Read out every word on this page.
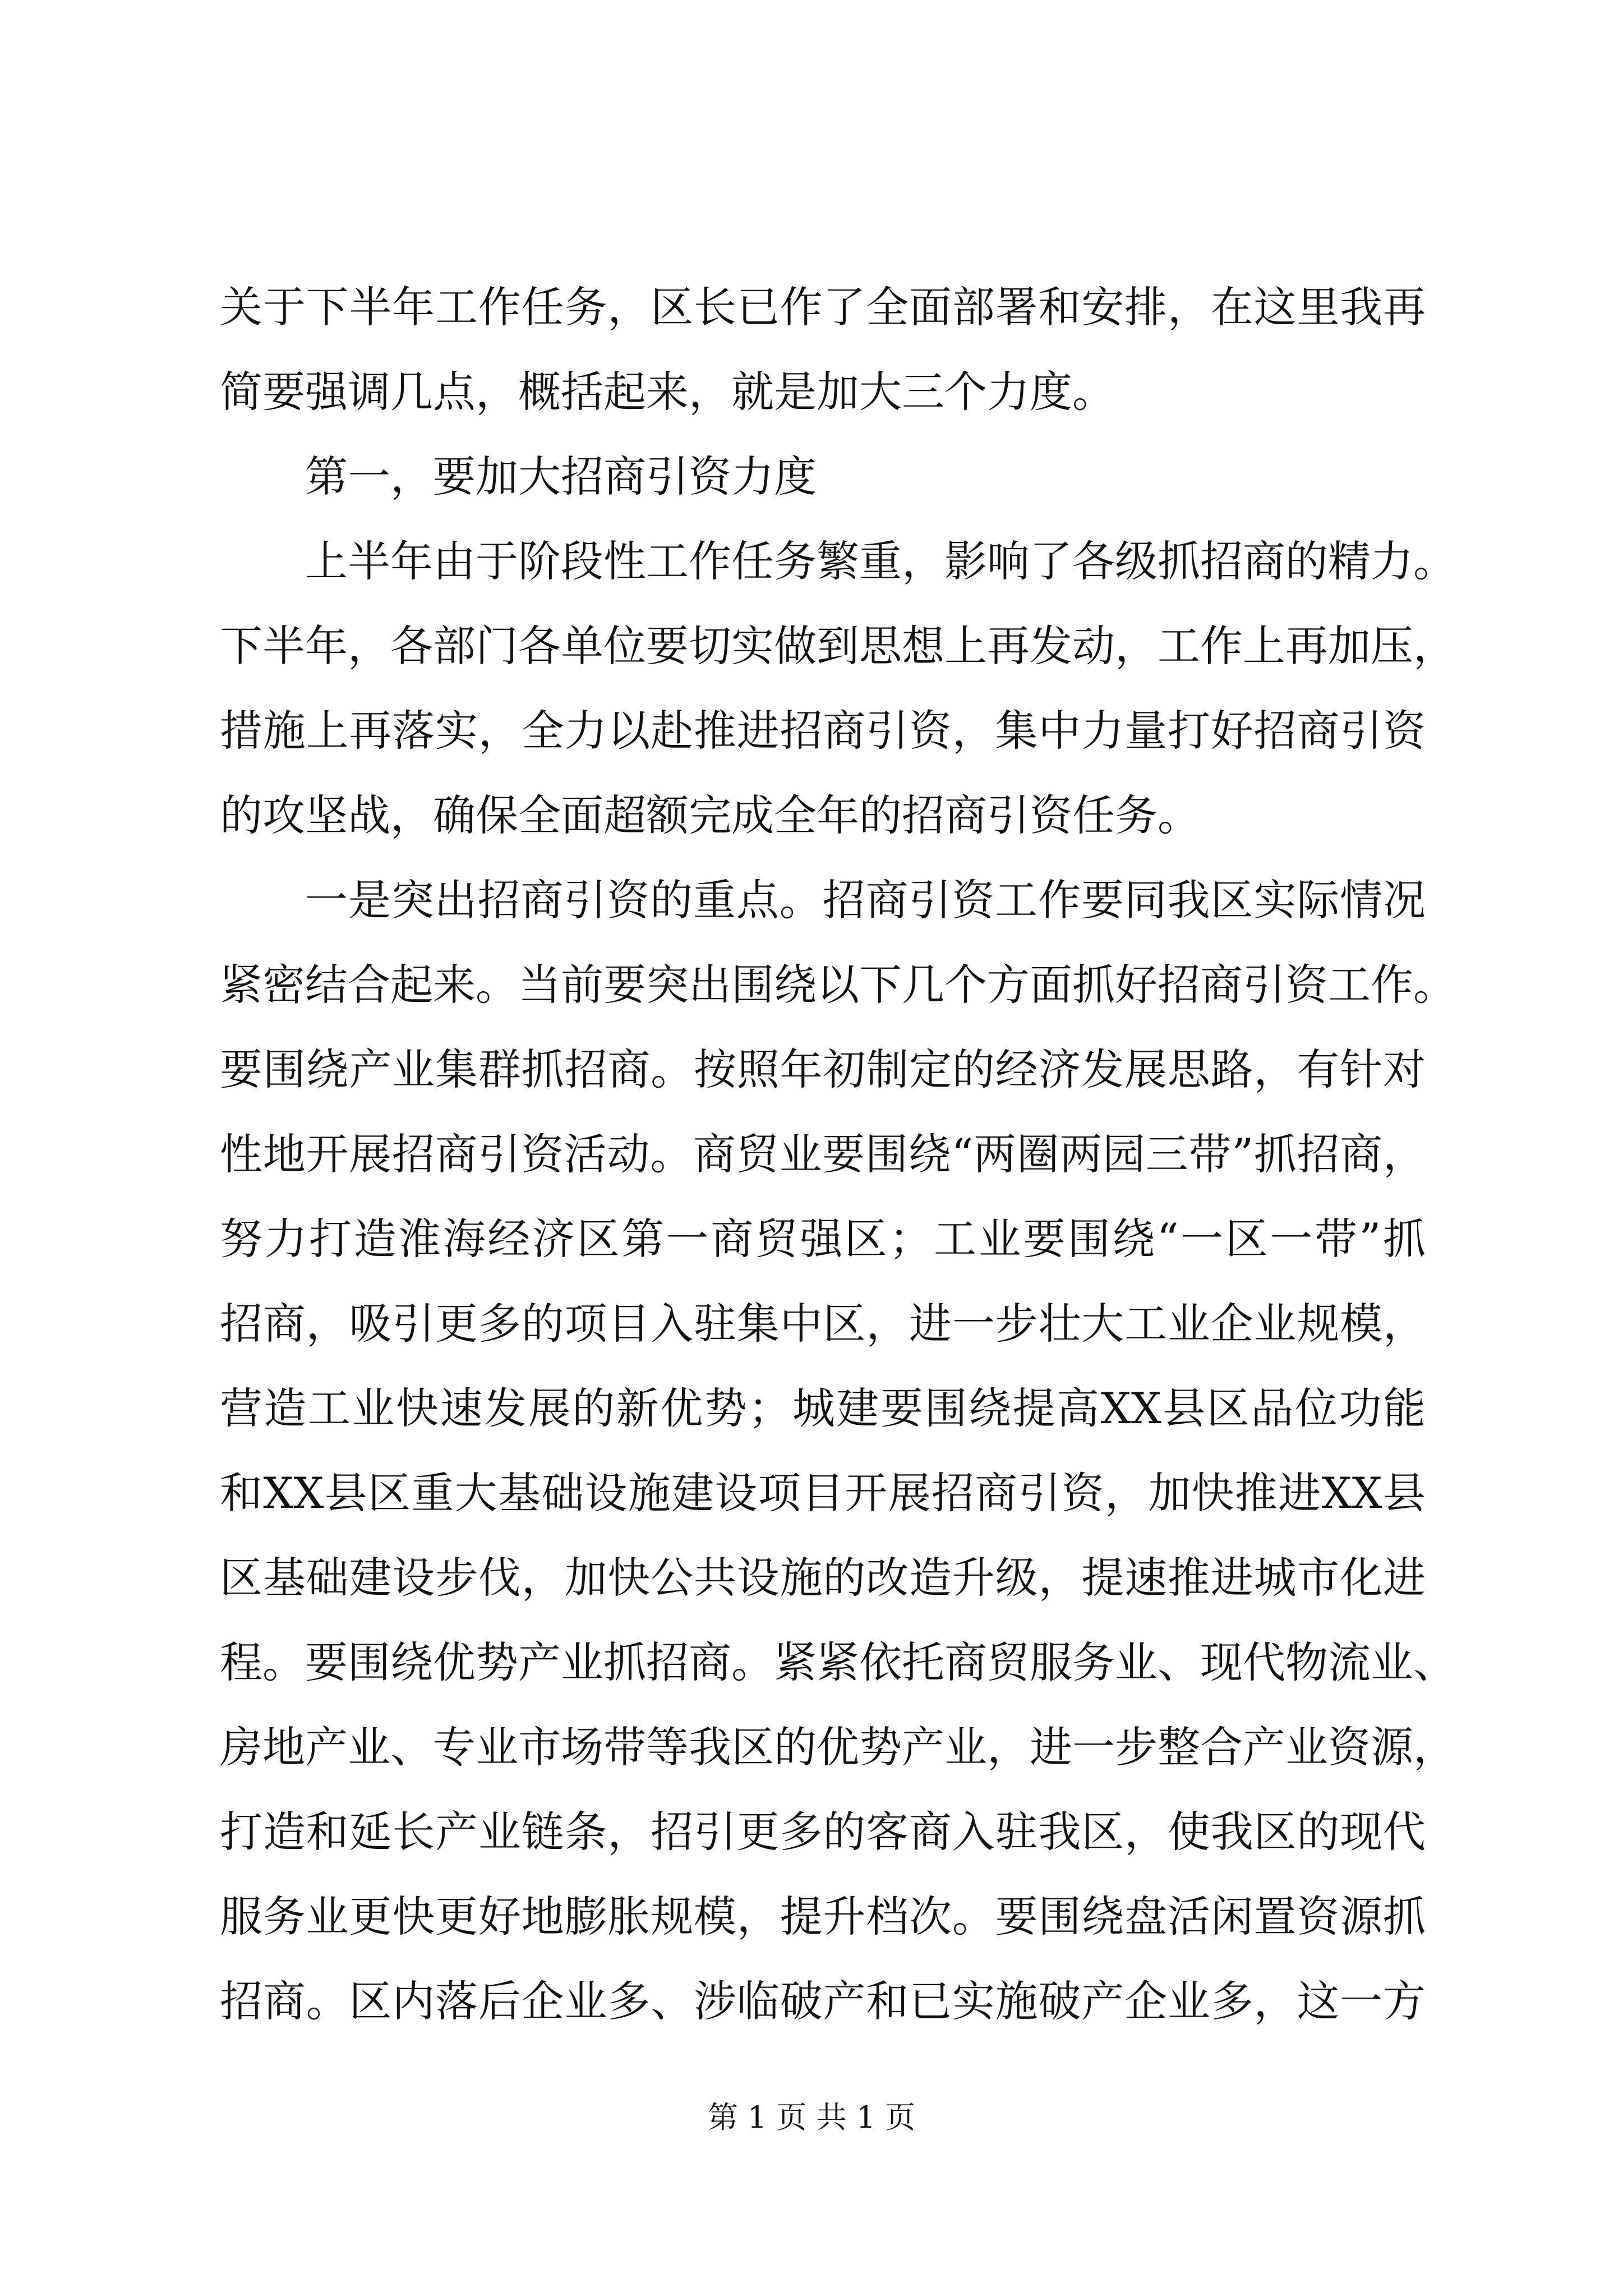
关于下半年工作任务，区长已作了全面部署和安排，在这里我再
简要强调几点，概括起来，就是加大三个力度。
第一，要加大招商引资力度
上半年由于阶段性工作任务繁重，影响了各级抓招商的精力。
下半年，各部门各单位要切实做到思想上再发动，工作上再加压，
措施上再落实，全力以赴推进招商引资，集中力量打好招商引资
的攻坚战，确保全面超额完成全年的招商引资任务。
一是突出招商引资的重点。招商引资工作要同我区实际情况
紧密结合起来。当前要突出围绕以下几个方面抓好招商引资工作。
要围绕产业集群抓招商。按照年初制定的经济发展思路，有针对
性地开展招商引资活动。商贸业要围绕“两圈两园三带”抓招商，
努力打造淮海经济区第一商贸强区；工业要围绕“一区一带”抓
招商，吸引更多的项目入驻集中区，进一步壮大工业企业规模，
营造工业快速发展的新优势；城建要围绕提高XX县区品位功能
和XX县区重大基础设施建设项目开展招商引资，加快推进XX县
区基础建设步伐，加快公共设施的改造升级，提速推进城市化进
程。要围绕优势产业抓招商。紧紧依托商贸服务业、现代物流业、
房地产业、专业市场带等我区的优势产业，进一步整合产业资源，
打造和延长产业链条，招引更多的客商入驻我区，使我区的现代
服务业更快更好地膨胀规模，提升档次。要围绕盘活闲置资源抓
招商。区内落后企业多、涉临破产和已实施破产企业多，这一方
第 1 页 共 1 页
